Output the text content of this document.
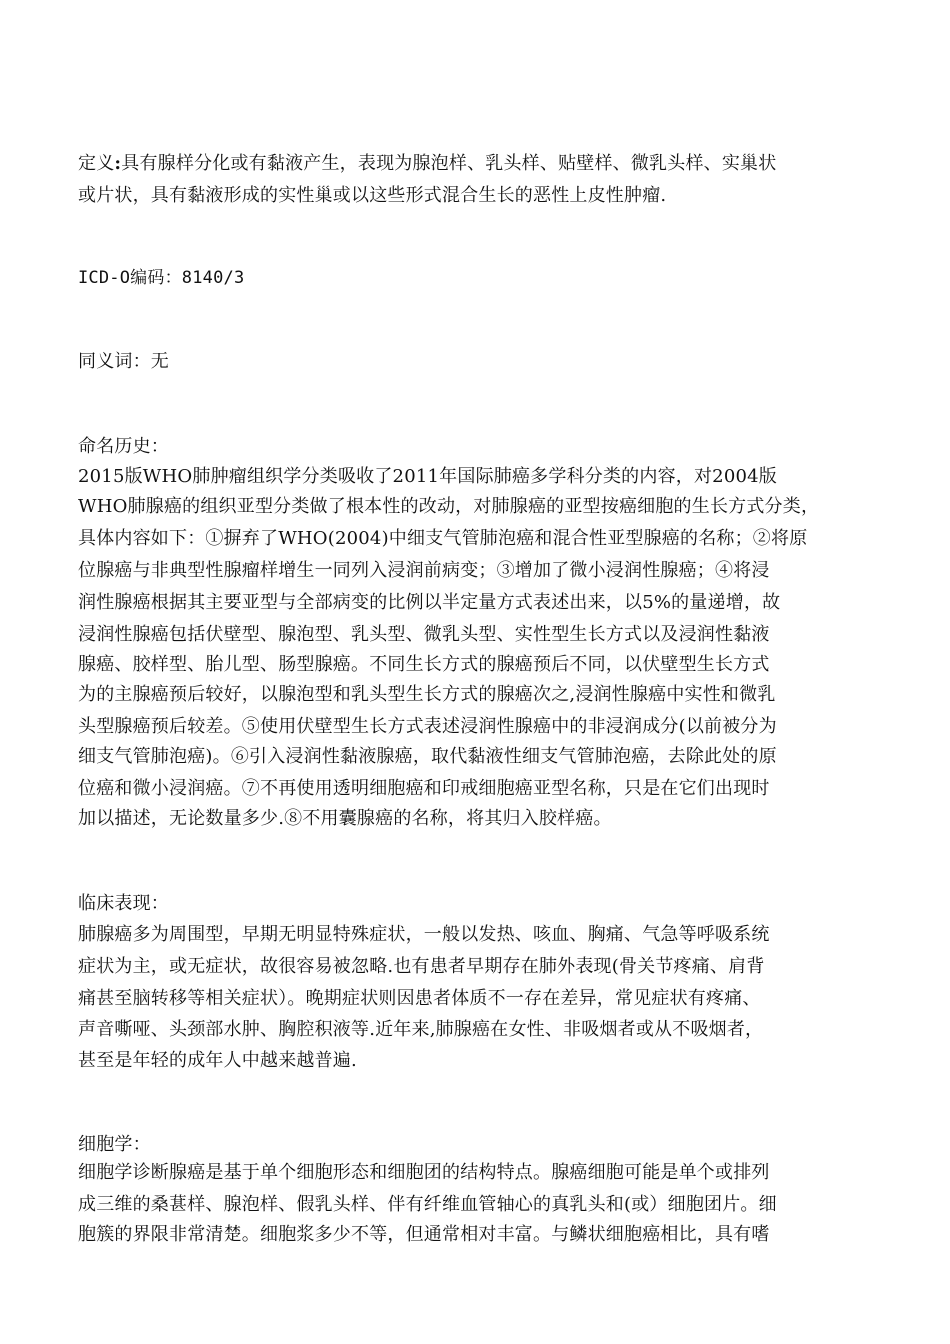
定义:具有腺样分化或有黏液产生，表现为腺泡样、乳头样、贴壁样、微乳头样、实巢状
或片状，具有黏液形成的实性巢或以这些形式混合生长的恶性上皮性肿瘤.
ICD-O编码：8140/3
同义词：无
命名历史：
2015版WHO肺肿瘤组织学分类吸收了2011年国际肺癌多学科分类的内容，对2004版
WHO肺腺癌的组织亚型分类做了根本性的改动，对肺腺癌的亚型按癌细胞的生长方式分类，
具体内容如下：①摒弃了WHO(2004)中细支气管肺泡癌和混合性亚型腺癌的名称；②将原
位腺癌与非典型性腺瘤样增生一同列入浸润前病变；③增加了微小浸润性腺癌；④将浸
润性腺癌根据其主要亚型与全部病变的比例以半定量方式表述出来，以5%的量递增，故
浸润性腺癌包括伏壁型、腺泡型、乳头型、微乳头型、实性型生长方式以及浸润性黏液
腺癌、胶样型、胎儿型、肠型腺癌。不同生长方式的腺癌预后不同，以伏壁型生长方式
为的主腺癌预后较好，以腺泡型和乳头型生长方式的腺癌次之,浸润性腺癌中实性和微乳
头型腺癌预后较差。⑤使用伏壁型生长方式表述浸润性腺癌中的非浸润成分(以前被分为
细支气管肺泡癌)。⑥引入浸润性黏液腺癌，取代黏液性细支气管肺泡癌，去除此处的原
位癌和微小浸润癌。⑦不再使用透明细胞癌和印戒细胞癌亚型名称，只是在它们出现时
加以描述，无论数量多少.⑧不用囊腺癌的名称，将其归入胶样癌。
临床表现：
肺腺癌多为周围型，早期无明显特殊症状，一般以发热、咳血、胸痛、气急等呼吸系统
症状为主，或无症状，故很容易被忽略.也有患者早期存在肺外表现(骨关节疼痛、肩背
痛甚至脑转移等相关症状）。晚期症状则因患者体质不一存在差异，常见症状有疼痛、
声音嘶哑、头颈部水肿、胸腔积液等.近年来,肺腺癌在女性、非吸烟者或从不吸烟者，
甚至是年轻的成年人中越来越普遍.
细胞学：
细胞学诊断腺癌是基于单个细胞形态和细胞团的结构特点。腺癌细胞可能是单个或排列
成三维的桑葚样、腺泡样、假乳头样、伴有纤维血管轴心的真乳头和(或）细胞团片。细
胞簇的界限非常清楚。细胞浆多少不等，但通常相对丰富。与鳞状细胞癌相比，具有嗜
